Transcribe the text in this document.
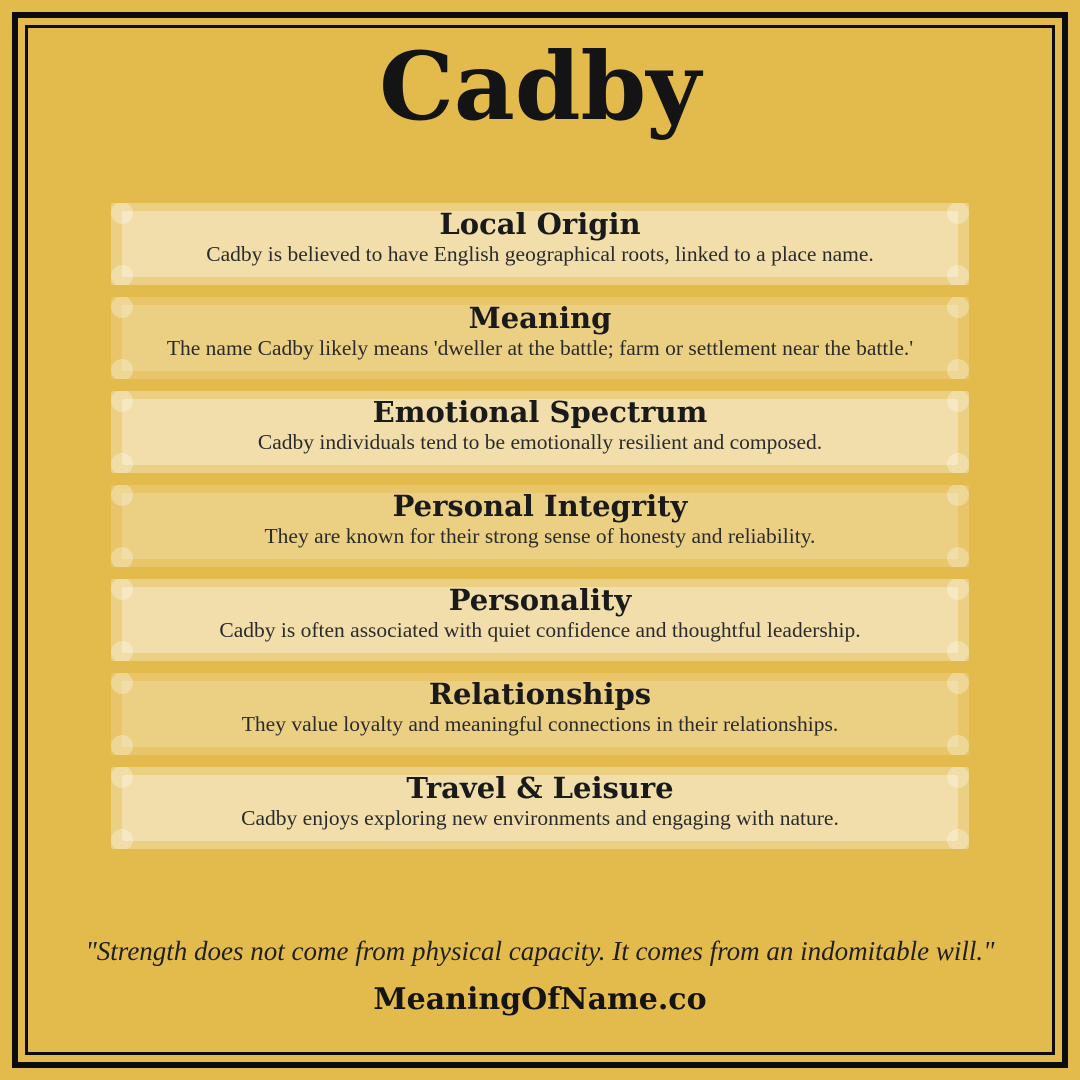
Cadby
Local Origin

Cadby is believed to have English geographical roots, linked to a place name.

Meaning

The name Cadby likely means 'dweller at the battle; farm or settlement near the battle.'

Emotional Spectrum

Cadby individuals tend to be emotionally resilient and composed.

Personal Integrity

They are known for their strong sense of honesty and reliability.

Personality

Cadby is often associated with quiet confidence and thoughtful leadership.

Relationships

They value loyalty and meaningful connections in their relationships.

Travel & Leisure

Cadby enjoys exploring new environments and engaging with nature.

"Strength does not come from physical capacity. It comes from an indomitable will."

MeaningOfName.co
